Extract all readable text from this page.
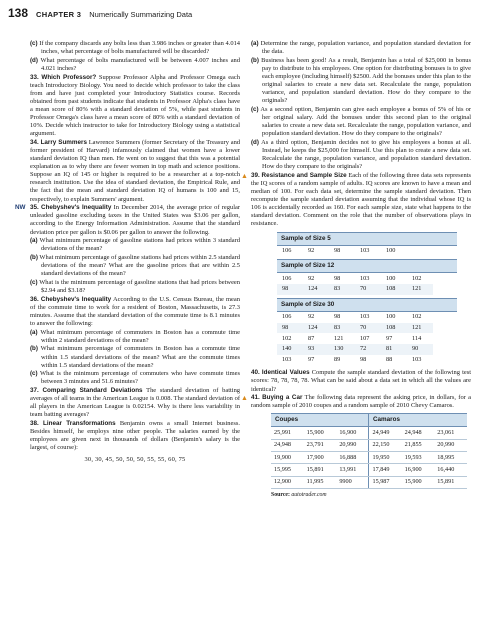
138 CHAPTER 3 Numerically Summarizing Data

(c) If the company discards any bolts less than 3.986 inches or greater than 4.014 inches, what percentage of bolts manufactured will be discarded?

(d) What percentage of bolts manufactured will be between 4.007 inches and 4.021 inches?

33. Which Professor? Suppose Professor Alpha and Professor Omega each teach Introductory Biology. You need to decide which professor to take the class from and have just completed your Introductory Statistics course. Records obtained from past students indicate that students in Professor Alpha's class have a mean score of 80% with a standard deviation of 5%, while past students in Professor Omega's class have a mean score of 80% with a standard deviation of 10%. Decide which instructor to take for Introductory Biology using a statistical argument.

34. Larry Summers Lawrence Summers (former Secretary of the Treasury and former president of Harvard) infamously claimed that women have a lower standard deviation IQ than men. He went on to suggest that this was a potential explanation as to why there are fewer women in top math and science positions. Suppose an IQ of 145 or higher is required to be a researcher at a top-notch research institution. Use the idea of standard deviation, the Empirical Rule, and the fact that the mean and standard deviation IQ of humans is 100 and 15, respectively, to explain Summers' argument.

NW 35. Chebyshev's Inequality In December 2014, the average price of regular unleaded gasoline excluding taxes in the United States was $3.06 per gallon, according to the Energy Information Administration. Assume that the standard deviation price per gallon is $0.06 per gallon to answer the following.

(a) What minimum percentage of gasoline stations had prices within 3 standard deviations of the mean?

(b) What minimum percentage of gasoline stations had prices within 2.5 standard deviations of the mean? What are the gasoline prices that are within 2.5 standard deviations of the mean?

(c) What is the minimum percentage of gasoline stations that had prices between $2.94 and $3.18?

36. Chebyshev's Inequality According to the U.S. Census Bureau, the mean of the commute time to work for a resident of Boston, Massachusetts, is 27.3 minutes. Assume that the standard deviation of the commute time is 8.1 minutes to answer the following:

(a) What minimum percentage of commuters in Boston has a commute time within 2 standard deviations of the mean?

(b) What minimum percentage of commuters in Boston has a commute time within 1.5 standard deviations of the mean? What are the commute times within 1.5 standard deviations of the mean?

(c) What is the minimum percentage of commuters who have commute times between 3 minutes and 51.6 minutes?

37. Comparing Standard Deviations The standard deviation of batting averages of all teams in the American League is 0.008. The standard deviation of all players in the American League is 0.02154. Why is there less variability in team batting averages?

38. Linear Transformations Benjamin owns a small Internet business. Besides himself, he employs nine other people. The salaries earned by the employees are given next in thousands of dollars (Benjamin's salary is the largest, of course):

30, 30, 45, 50, 50, 50, 55, 55, 60, 75

(a) Determine the range, population variance, and population standard deviation for the data.

(b) Business has been good! As a result, Benjamin has a total of $25,000 in bonus pay to distribute to his employees. One option for distributing bonuses is to give each employee (including himself) $2500. Add the bonuses under this plan to the original salaries to create a new data set. Recalculate the range, population variance, and population standard deviation. How do they compare to the originals?

(c) As a second option, Benjamin can give each employee a bonus of 5% of his or her original salary. Add the bonuses under this second plan to the original salaries to create a new data set. Recalculate the range, population variance, and population standard deviation. How do they compare to the originals?

(d) As a third option, Benjamin decides not to give his employees a bonus at all. Instead, he keeps the $25,000 for himself. Use this plan to create a new data set. Recalculate the range, population variance, and population standard deviation. How do they compare to the originals?

▲ 39. Resistance and Sample Size Each of the following three data sets represents the IQ scores of a random sample of adults. IQ scores are known to have a mean and median of 100. For each data set, determine the sample standard deviation. Then recompute the sample standard deviation assuming that the individual whose IQ is 106 is accidentally recorded as 160. For each sample size, state what happens to the standard deviation. Comment on the role that the number of observations plays in resistance.

Sample of Size 5
106	92	98	103	100
Sample of Size 12
106	92	98	103	100	102
98	124	83	70	108	121
Sample of Size 30
106	92	98	103	100	102
98	124	83	70	108	121
102	87	121	107	97	114
140	93	130	72	81	90
103	97	89	98	88	103

40. Identical Values Compute the sample standard deviation of the following test scores: 78, 78, 78, 78. What can be said about a data set in which all the values are identical?

▲ 41. Buying a Car The following data represent the asking price, in dollars, for a random sample of 2010 coupes and a random sample of 2010 Chevy Camaros.

Coupes	Camaros
25,991	15,900	16,900	24,949	24,948	23,061
24,948	23,791	20,990	22,150	21,855	20,990
19,900	17,900	16,888	19,950	19,593	18,995
15,995	15,891	13,991	17,849	16,900	16,440
12,900	11,995	9900	15,987	15,900	15,891

Source: autotrader.com
